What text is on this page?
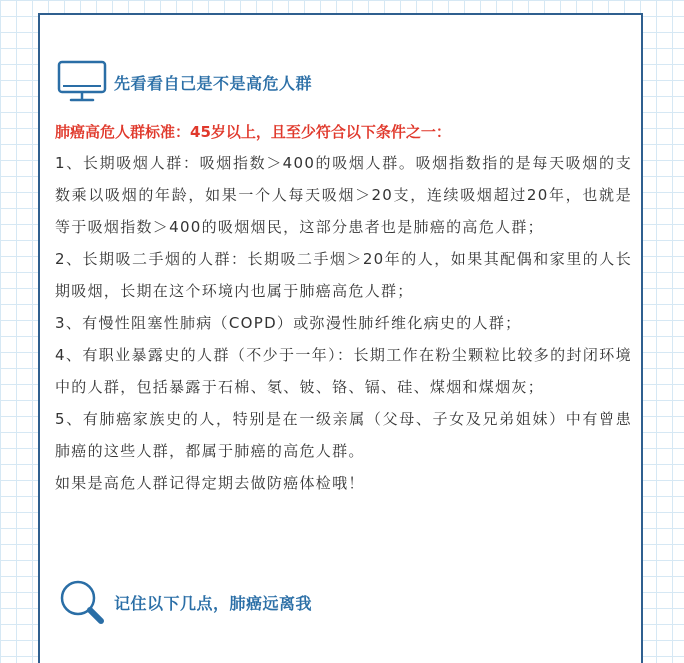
先看看自己是不是高危人群
肺癌高危人群标准：45岁以上，且至少符合以下条件之一：

1、长期吸烟人群：吸烟指数＞400的吸烟人群。吸烟指数指的是每天吸烟的支数乘以吸烟的年龄，如果一个人每天吸烟＞20支，连续吸烟超过20年，也就是等于吸烟指数＞400的吸烟烟民，这部分患者也是肺癌的高危人群；

2、长期吸二手烟的人群：长期吸二手烟＞20年的人，如果其配偶和家里的人长期吸烟，长期在这个环境内也属于肺癌高危人群；

3、有慢性阻塞性肺病（COPD）或弥漫性肺纤维化病史的人群；

4、有职业暴露史的人群（不少于一年）：长期工作在粉尘颗粒比较多的封闭环境中的人群，包括暴露于石棉、氡、铍、铬、镉、硅、煤烟和煤烟灰；

5、有肺癌家族史的人，特别是在一级亲属（父母、子女及兄弟姐妹）中有曾患肺癌的这些人群，都属于肺癌的高危人群。

如果是高危人群记得定期去做防癌体检哦！

记住以下几点，肺癌远离我
